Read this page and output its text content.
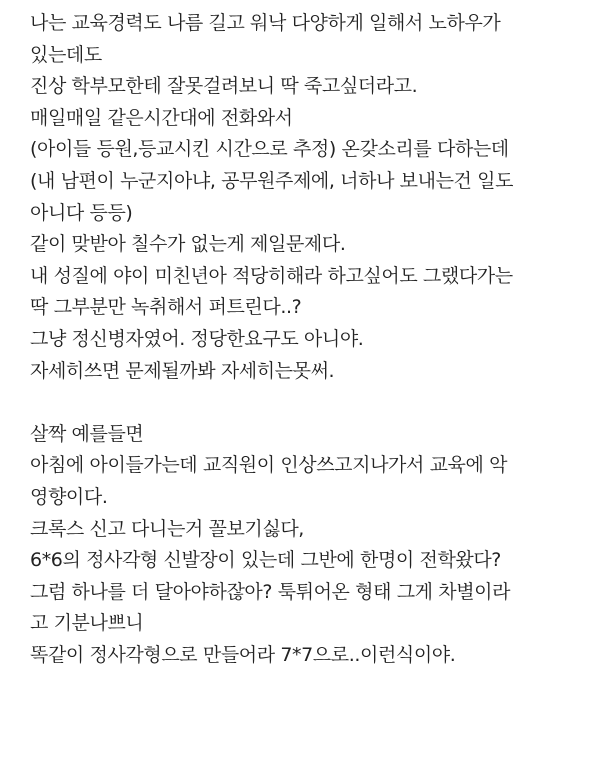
나는 교육경력도 나름 길고 워낙 다양하게 일해서 노하우가
있는데도
진상 학부모한테 잘못걸려보니 딱 죽고싶더라고.
매일매일 같은시간대에 전화와서
(아이들 등원,등교시킨 시간으로 추정) 온갖소리를 다하는데
(내 남편이 누군지아냐, 공무원주제에, 너하나 보내는건 일도
아니다 등등)
같이 맞받아 칠수가 없는게 제일문제다.
내 성질에 야이 미친년아 적당히해라 하고싶어도 그랬다가는
딱 그부분만 녹취해서 퍼트린다..?
그냥 정신병자였어. 정당한요구도 아니야.
자세히쓰면 문제될까봐 자세히는못써.
살짝 예를들면
아침에 아이들가는데 교직원이 인상쓰고지나가서 교육에 악
영향이다.
크록스 신고 다니는거 꼴보기싫다,
6*6의 정사각형 신발장이 있는데 그반에 한명이 전학왔다?
그럼 하나를 더 달아야하잖아? 툭튀어온 형태 그게 차별이라
고 기분나쁘니
똑같이 정사각형으로 만들어라 7*7으로..이런식이야.
